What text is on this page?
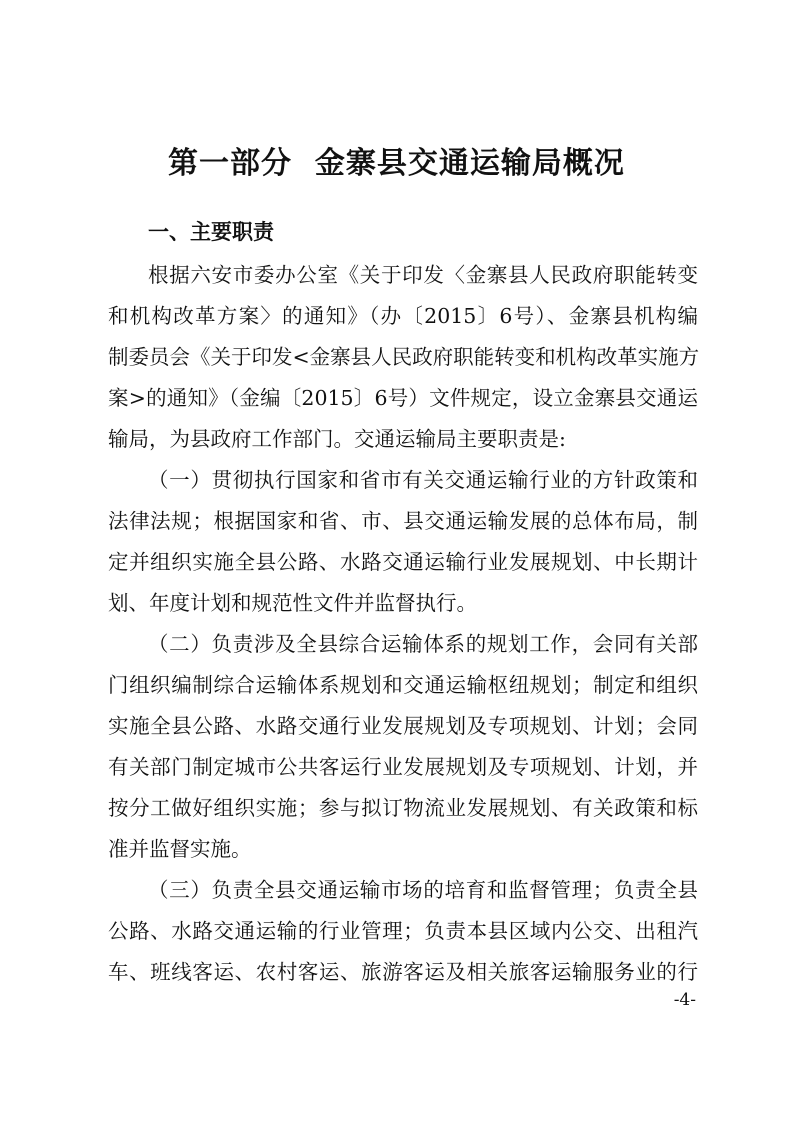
第一部分  金寨县交通运输局概况
一、主要职责
根据六安市委办公室《关于印发〈金寨县人民政府职能转变
和机构改革方案〉的通知》（办〔2015〕6号）、金寨县机构编
制委员会《关于印发<金寨县人民政府职能转变和机构改革实施方
案>的通知》（金编〔2015〕6号）文件规定，设立金寨县交通运
输局，为县政府工作部门。交通运输局主要职责是:
（一）贯彻执行国家和省市有关交通运输行业的方针政策和
法律法规；根据国家和省、市、县交通运输发展的总体布局，制
定并组织实施全县公路、水路交通运输行业发展规划、中长期计
划、年度计划和规范性文件并监督执行。
（二）负责涉及全县综合运输体系的规划工作，会同有关部
门组织编制综合运输体系规划和交通运输枢纽规划；制定和组织
实施全县公路、水路交通行业发展规划及专项规划、计划；会同
有关部门制定城市公共客运行业发展规划及专项规划、计划，并
按分工做好组织实施；参与拟订物流业发展规划、有关政策和标
准并监督实施。
（三）负责全县交通运输市场的培育和监督管理；负责全县
公路、水路交通运输的行业管理；负责本县区域内公交、出租汽
车、班线客运、农村客运、旅游客运及相关旅客运输服务业的行
-4-
